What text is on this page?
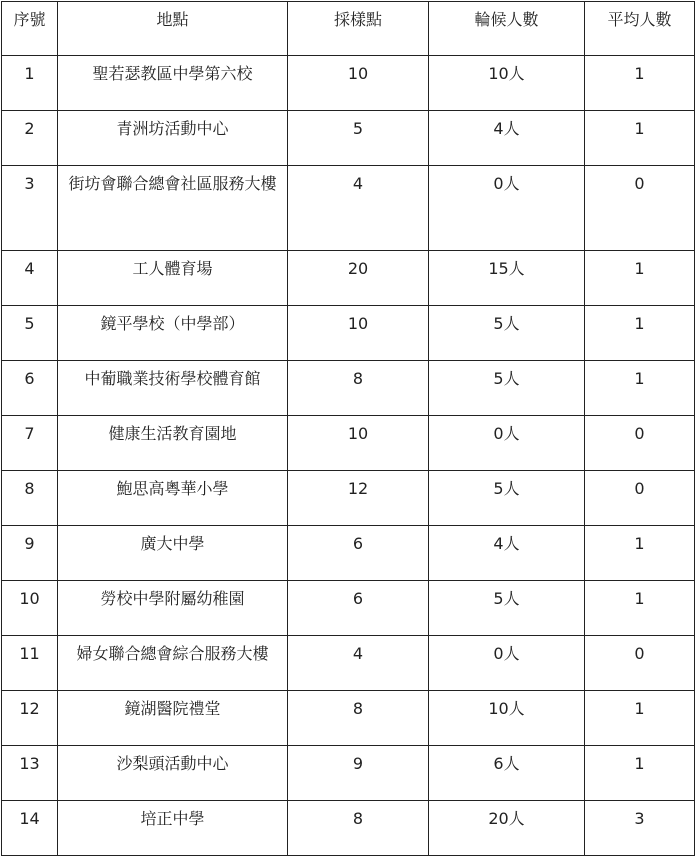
序號	地點	採樣點	輪候人數	平均人數
1	聖若瑟教區中學第六校	10	10人	1
2	青洲坊活動中心	5	4人	1
3	街坊會聯合總會社區服務大樓	4	0人	0
4	工人體育場	20	15人	1
5	鏡平學校（中學部）	10	5人	1
6	中葡職業技術學校體育館	8	5人	1
7	健康生活教育園地	10	0人	0
8	鮑思高粵華小學	12	5人	0
9	廣大中學	6	4人	1
10	勞校中學附屬幼稚園	6	5人	1
11	婦女聯合總會綜合服務大樓	4	0人	0
12	鏡湖醫院禮堂	8	10人	1
13	沙梨頭活動中心	9	6人	1
14	培正中學	8	20人	3
